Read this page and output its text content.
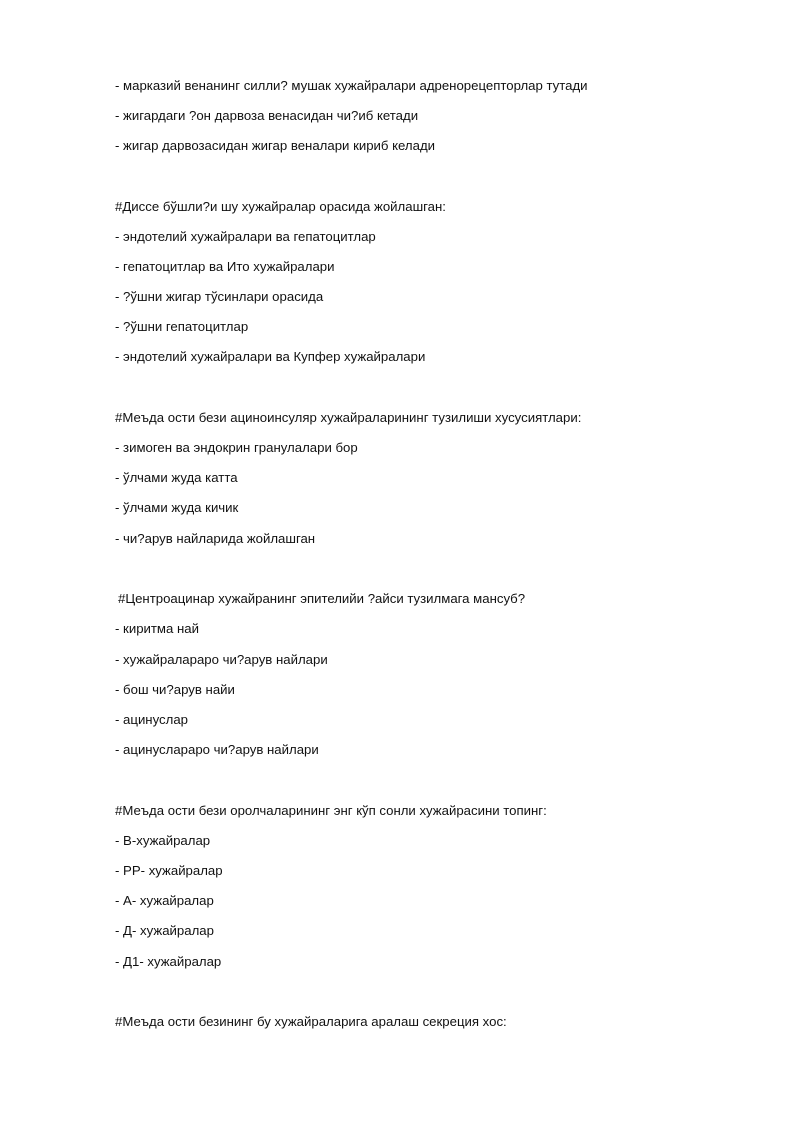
- марказий венанинг силли? мушак хужайралари адренорецепторлар тутади
- жигардаги ?он дарвоза венасидан чи?иб кетади
- жигар дарвозасидан жигар веналари кириб келади
#Диссе бўшли?и шу хужайралар орасида жойлашган:
- эндотелий хужайралари ва гепатоцитлар
- гепатоцитлар ва Ито хужайралари
- ?ўшни жигар тўсинлари орасида
- ?ўшни гепатоцитлар
- эндотелий хужайралари ва Купфер хужайралари
#Меъда ости бези ациноинсуляр хужайраларининг тузилиши хусусиятлари:
- зимоген ва эндокрин гранулалари бор
- ўлчами жуда катта
- ўлчами жуда кичик
- чи?арув найларида жойлашган
#Центроацинар хужайранинг эпителийи ?айси тузилмага мансуб?
- киритма най
- хужайралараро чи?арув найлари
- бош чи?арув найи
- ацинуслар
- ацинуслараро чи?арув найлари
#Меъда ости бези оролчаларининг энг кўп сонли хужайрасини топинг:
- В-хужайралар
- РР- хужайралар
- А- хужайралар
- Д- хужайралар
- Д1- хужайралар
#Меъда ости безининг бу хужайраларига аралаш секреция хос:
